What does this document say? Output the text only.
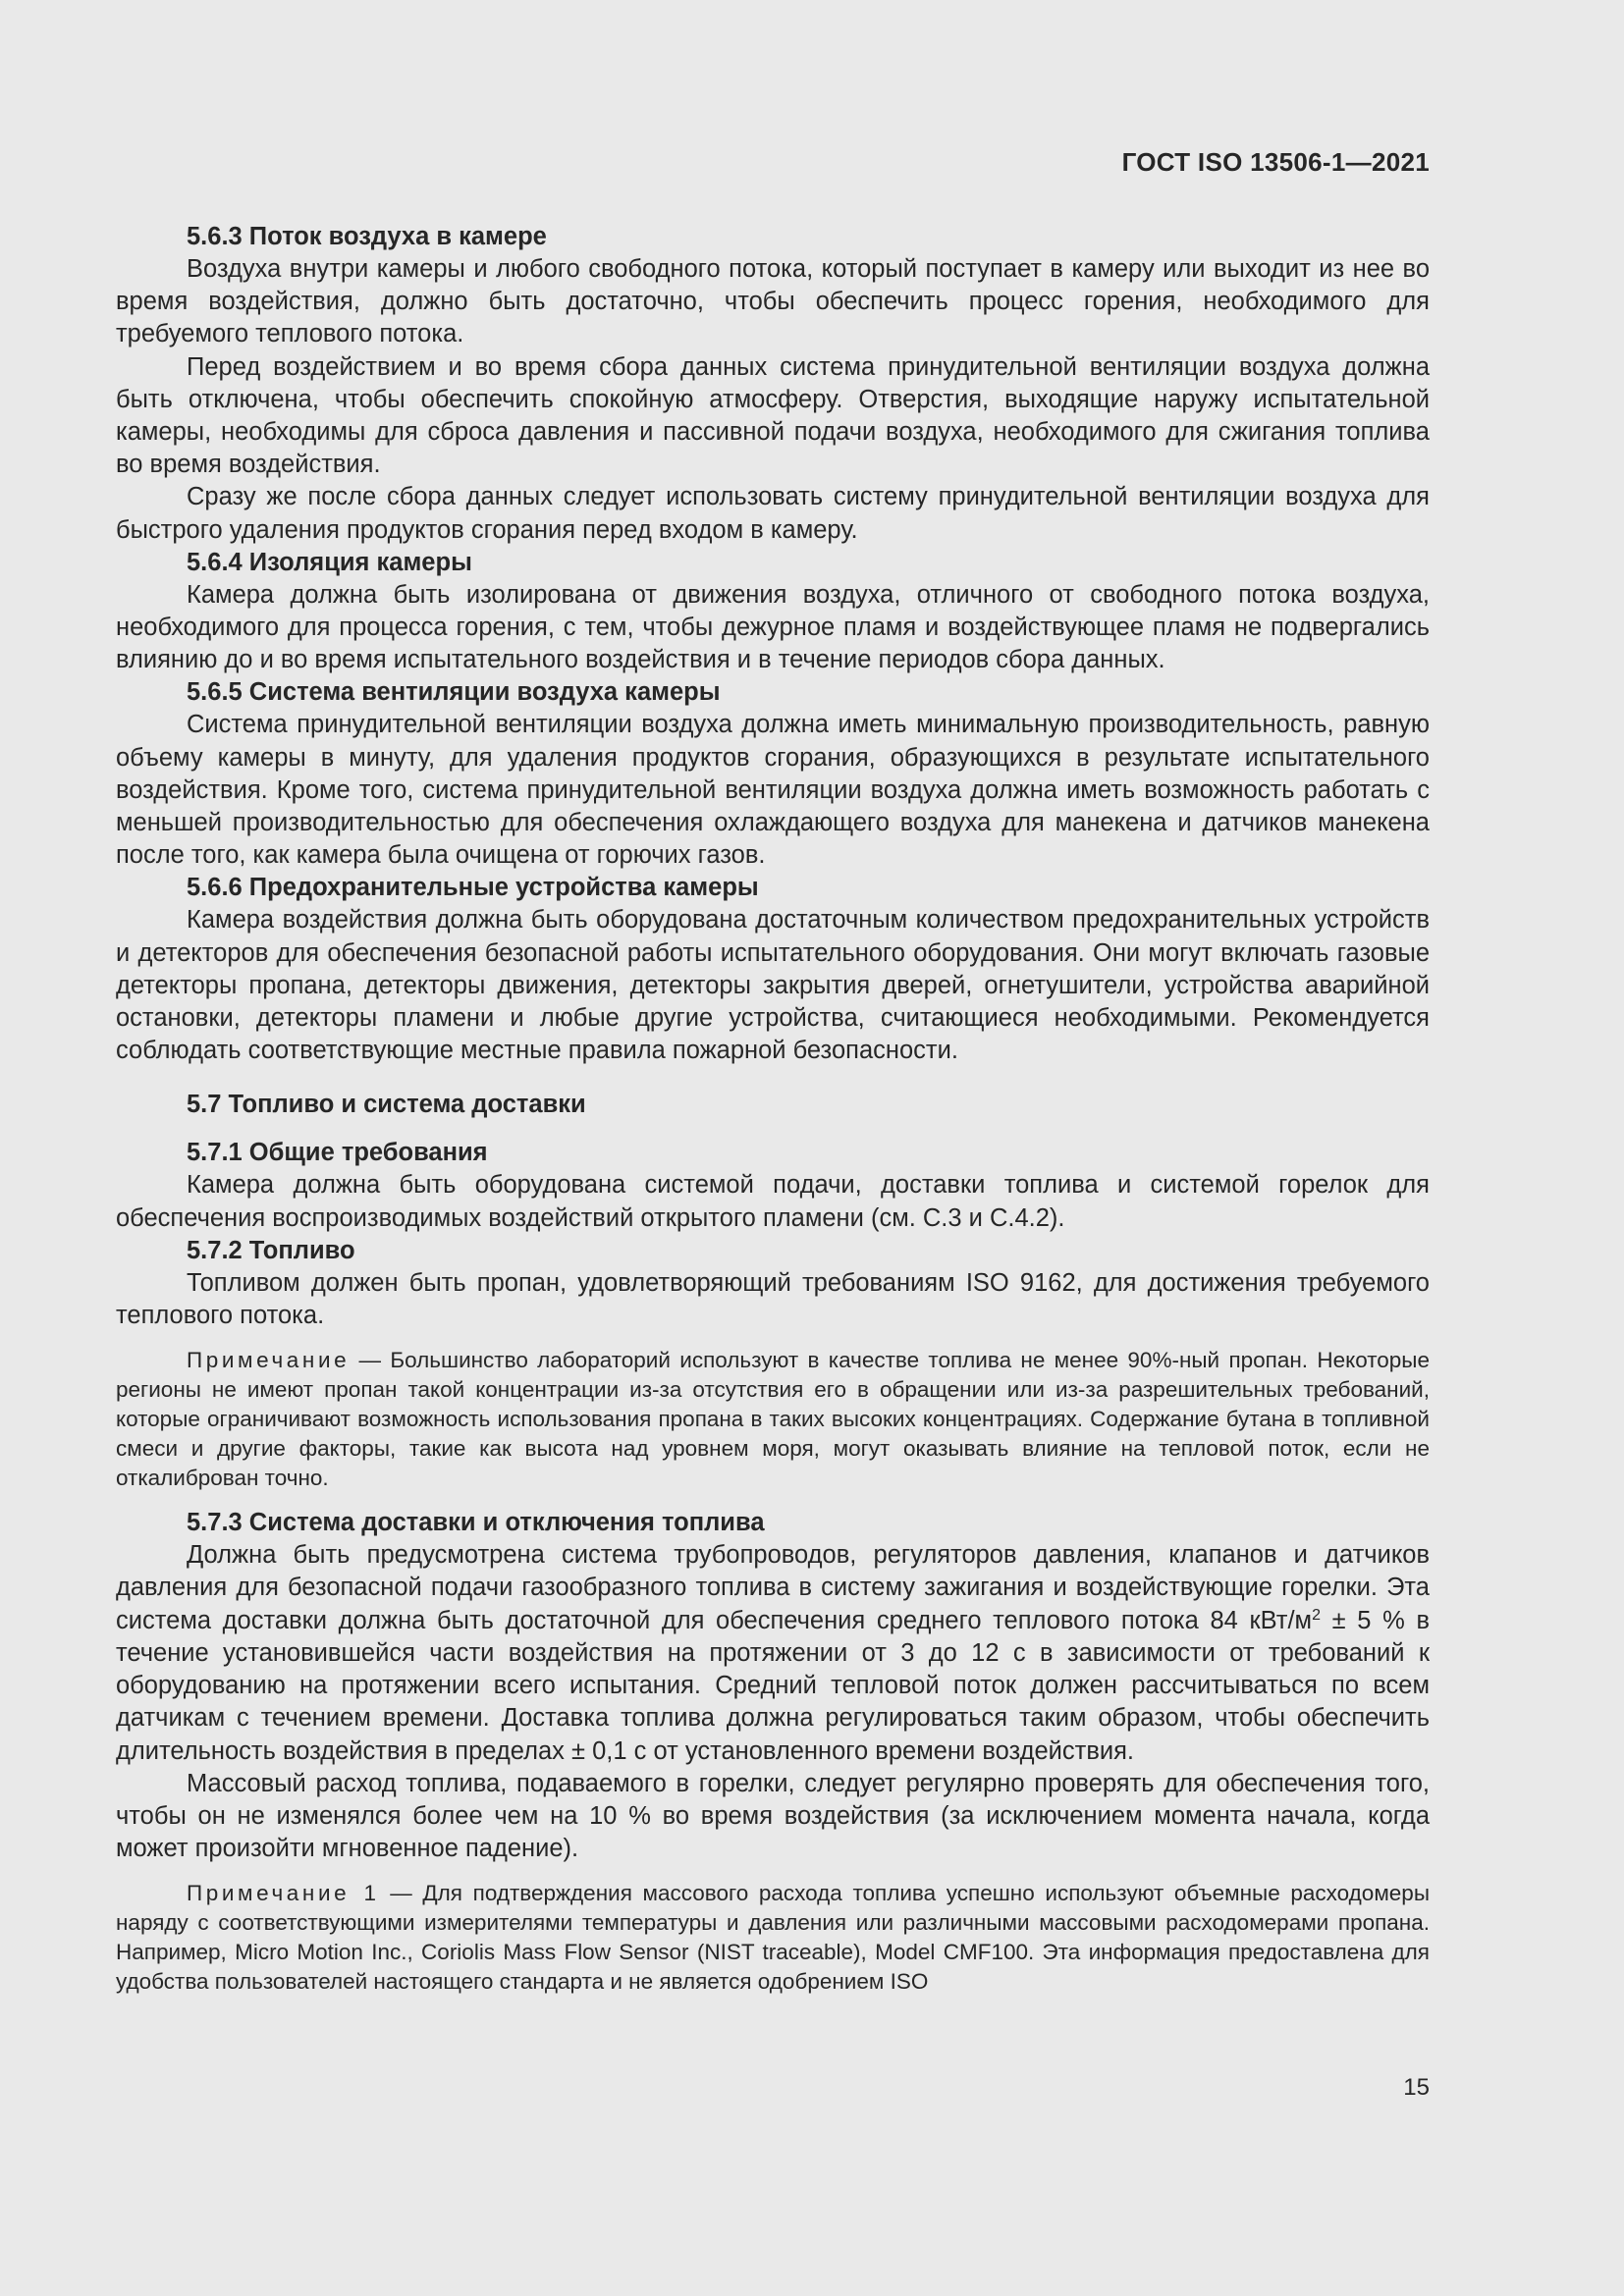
ГОСТ ISO 13506-1—2021

5.6.3 Поток воздуха в камере

Воздуха внутри камеры и любого свободного потока, который поступает в камеру или выходит из нее во время воздействия, должно быть достаточно, чтобы обеспечить процесс горения, необходимого для требуемого теплового потока.

Перед воздействием и во время сбора данных система принудительной вентиляции воздуха должна быть отключена, чтобы обеспечить спокойную атмосферу. Отверстия, выходящие наружу испытательной камеры, необходимы для сброса давления и пассивной подачи воздуха, необходимого для сжигания топлива во время воздействия.

Сразу же после сбора данных следует использовать систему принудительной вентиляции воздуха для быстрого удаления продуктов сгорания перед входом в камеру.

5.6.4 Изоляция камеры

Камера должна быть изолирована от движения воздуха, отличного от свободного потока воздуха, необходимого для процесса горения, с тем, чтобы дежурное пламя и воздействующее пламя не подвергались влиянию до и во время испытательного воздействия и в течение периодов сбора данных.

5.6.5 Система вентиляции воздуха камеры

Система принудительной вентиляции воздуха должна иметь минимальную производительность, равную объему камеры в минуту, для удаления продуктов сгорания, образующихся в результате испытательного воздействия. Кроме того, система принудительной вентиляции воздуха должна иметь возможность работать с меньшей производительностью для обеспечения охлаждающего воздуха для манекена и датчиков манекена после того, как камера была очищена от горючих газов.

5.6.6 Предохранительные устройства камеры

Камера воздействия должна быть оборудована достаточным количеством предохранительных устройств и детекторов для обеспечения безопасной работы испытательного оборудования. Они могут включать газовые детекторы пропана, детекторы движения, детекторы закрытия дверей, огнетушители, устройства аварийной остановки, детекторы пламени и любые другие устройства, считающиеся необходимыми. Рекомендуется соблюдать соответствующие местные правила пожарной безопасности.

5.7 Топливо и система доставки

5.7.1 Общие требования

Камера должна быть оборудована системой подачи, доставки топлива и системой горелок для обеспечения воспроизводимых воздействий открытого пламени (см. С.3 и С.4.2).

5.7.2 Топливо

Топливом должен быть пропан, удовлетворяющий требованиям ISO 9162, для достижения требуемого теплового потока.

Примечание — Большинство лабораторий используют в качестве топлива не менее 90%-ный пропан. Некоторые регионы не имеют пропан такой концентрации из-за отсутствия его в обращении или из-за разрешительных требований, которые ограничивают возможность использования пропана в таких высоких концентрациях. Содержание бутана в топливной смеси и другие факторы, такие как высота над уровнем моря, могут оказывать влияние на тепловой поток, если не откалиброван точно.

5.7.3 Система доставки и отключения топлива

Должна быть предусмотрена система трубопроводов, регуляторов давления, клапанов и датчиков давления для безопасной подачи газообразного топлива в систему зажигания и воздействующие горелки. Эта система доставки должна быть достаточной для обеспечения среднего теплового потока 84 кВт/$м^2 \pm 5$ % в течение установившейся части воздействия на протяжении от 3 до 12 с в зависимости от требований к оборудованию на протяжении всего испытания. Средний тепловой поток должен рассчитываться по всем датчикам с течением времени. Доставка топлива должна регулироваться таким образом, чтобы обеспечить длительность воздействия в пределах ± 0,1 с от установленного времени воздействия.

Массовый расход топлива, подаваемого в горелки, следует регулярно проверять для обеспечения того, чтобы он не изменялся более чем на 10 % во время воздействия (за исключением момента начала, когда может произойти мгновенное падение).

Примечание 1 — Для подтверждения массового расхода топлива успешно используют объемные расходомеры наряду с соответствующими измерителями температуры и давления или различными массовыми расходомерами пропана. Например, Micro Motion Inc., Coriolis Mass Flow Sensor (NIST traceable), Model CMF100. Эта информация предоставлена для удобства пользователей настоящего стандарта и не является одобрением ISO

15
